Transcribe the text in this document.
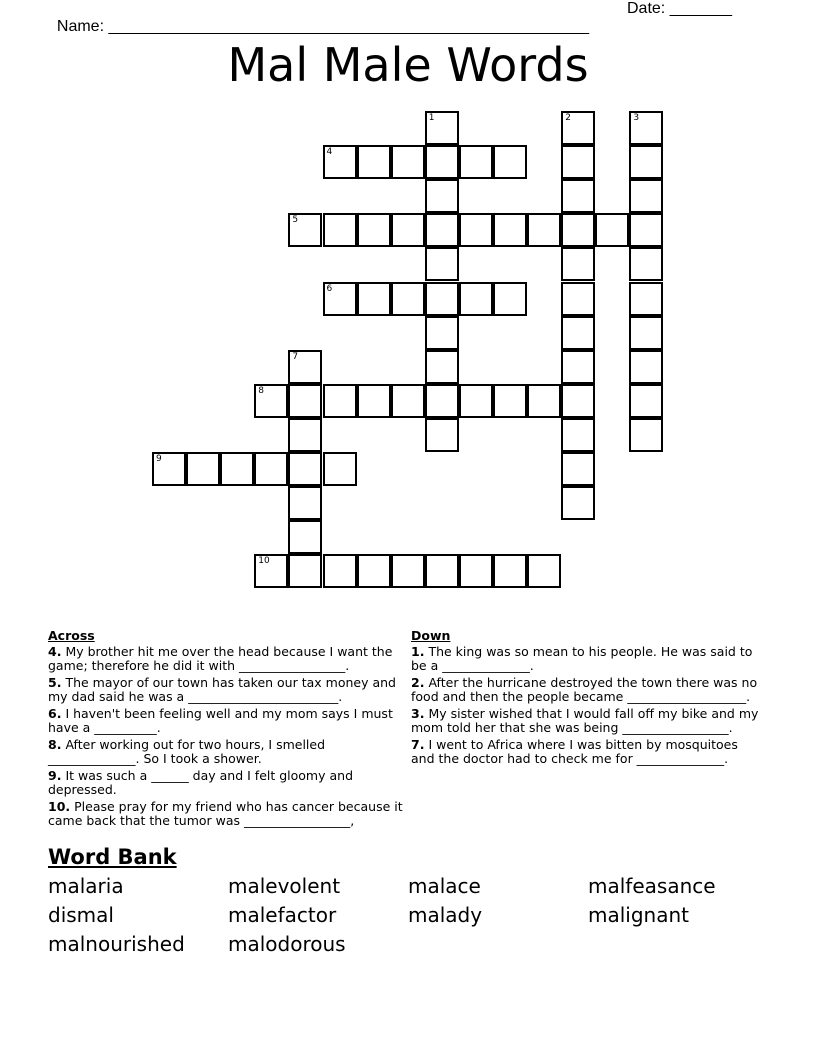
Name: ______________________________________________________

Date: _______

Mal Male Words
1	2	3
4
5
6
7
8
9
10
Across
4. My brother hit me over the head because I want the game; therefore he did it with _________________.
5. The mayor of our town has taken our tax money and my dad said he was a ________________________.
6. I haven't been feeling well and my mom says I must have a __________.
8. After working out for two hours, I smelled ______________. So I took a shower.
9. It was such a ______ day and I felt gloomy and depressed.
10. Please pray for my friend who has cancer because it came back that the tumor was _________________,
Down
1. The king was so mean to his people. He was said to be a ______________.
2. After the hurricane destroyed the town there was no food and then the people became ___________________.
3. My sister wished that I would fall off my bike and my mom told her that she was being _________________.
7. I went to Africa where I was bitten by mosquitoes and the doctor had to check me for ______________.
Word Bank
malaria	malevolent	malace	malfeasance
dismal	malefactor	malady	malignant
malnourished	malodorous
